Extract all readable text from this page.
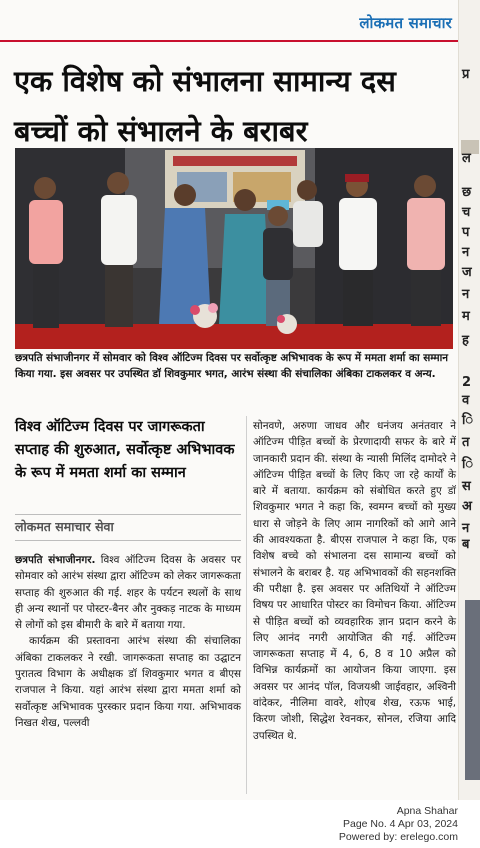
लोकमत समाचार
एक विशेष को संभालना सामान्य दस बच्चों को संभालने के बराबर

छत्रपति संभाजीनगर में सोमवार को विश्व ऑटिज्म दिवस पर सर्वोत्कृष्ट अभिभावक के रूप में ममता शर्मा का सम्मान किया गया. इस अवसर पर उपस्थित डॉ शिवकुमार भगत, आरंभ संस्था की संचालिका अंबिका टाकलकर व अन्य.

विश्व ऑटिज्म दिवस पर जागरूकता सप्ताह की शुरुआत, सर्वोत्कृष्ट अभिभावक के रूप में ममता शर्मा का सम्मान
लोकमत समाचार सेवा

छत्रपति संभाजीनगर. विश्व ऑटिज्म दिवस के अवसर पर सोमवार को आरंभ संस्था द्वारा ऑटिज्म को लेकर जागरूकता सप्ताह की शुरुआत की गई. शहर के पर्यटन स्थलों के साथ ही अन्य स्थानों पर पोस्टर-बैनर और नुक्कड़ नाटक के माध्यम से लोगों को इस बीमारी के बारे में बताया गया.

कार्यक्रम की प्रस्तावना आरंभ संस्था की संचालिका अंबिका टाकलकर ने रखी. जागरूकता सप्ताह का उद्घाटन पुरातत्व विभाग के अधीक्षक डॉ शिवकुमार भगत व बीएस राजपाल ने किया. यहां आरंभ संस्था द्वारा ममता शर्मा को सर्वोत्कृष्ट अभिभावक पुरस्कार प्रदान किया गया. अभिभावक निखत शेख, पल्लवी

सोनवणे, अरुणा जाधव और धनंजय अनंतवार ने ऑटिज्म पीड़ित बच्चों के प्रेरणादायी सफर के बारे में जानकारी प्रदान की. संस्था के न्यासी मिलिंद दामोदरे ने ऑटिज्म पीड़ित बच्चों के लिए किए जा रहे कार्यों के बारे में बताया. कार्यक्रम को संबोधित करते हुए डॉ शिवकुमार भगत ने कहा कि, स्वमग्न बच्चों को मुख्य धारा से जोड़ने के लिए आम नागरिकों को आगे आने की आवश्यकता है. बीएस राजपाल ने कहा कि, एक विशेष बच्चे को संभालना दस सामान्य बच्चों को संभालने के बराबर है. यह अभिभावकों की सहनशक्ति की परीक्षा है. इस अवसर पर अतिथियों ने ऑटिज्म विषय पर आधारित पोस्टर का विमोचन किया. ऑटिज्म से पीड़ित बच्चों को व्यवहारिक ज्ञान प्रदान करने के लिए आनंद नगरी आयोजित की गई. ऑटिज्म जागरूकता सप्ताह में 4, 6, 8 व 10 अप्रैल को विभिन्न कार्यक्रमों का आयोजन किया जाएगा. इस अवसर पर आनंद पॉल, विजयश्री जाईवहार, अश्विनी वांदेकर, नीलिमा वावरे, शोएब शेख, रऊफ भाई, किरण जोशी, सिद्धेश रेवनकर, सोनल, रजिया आदि उपस्थित थे.

प्र
ल
छ
च
प
न
ज
न
म
ह
2
व
ि
त
ि
स
अ
न
ब
Apna Shahar
Page No. 4 Apr 03, 2024
Powered by: erelego.com
